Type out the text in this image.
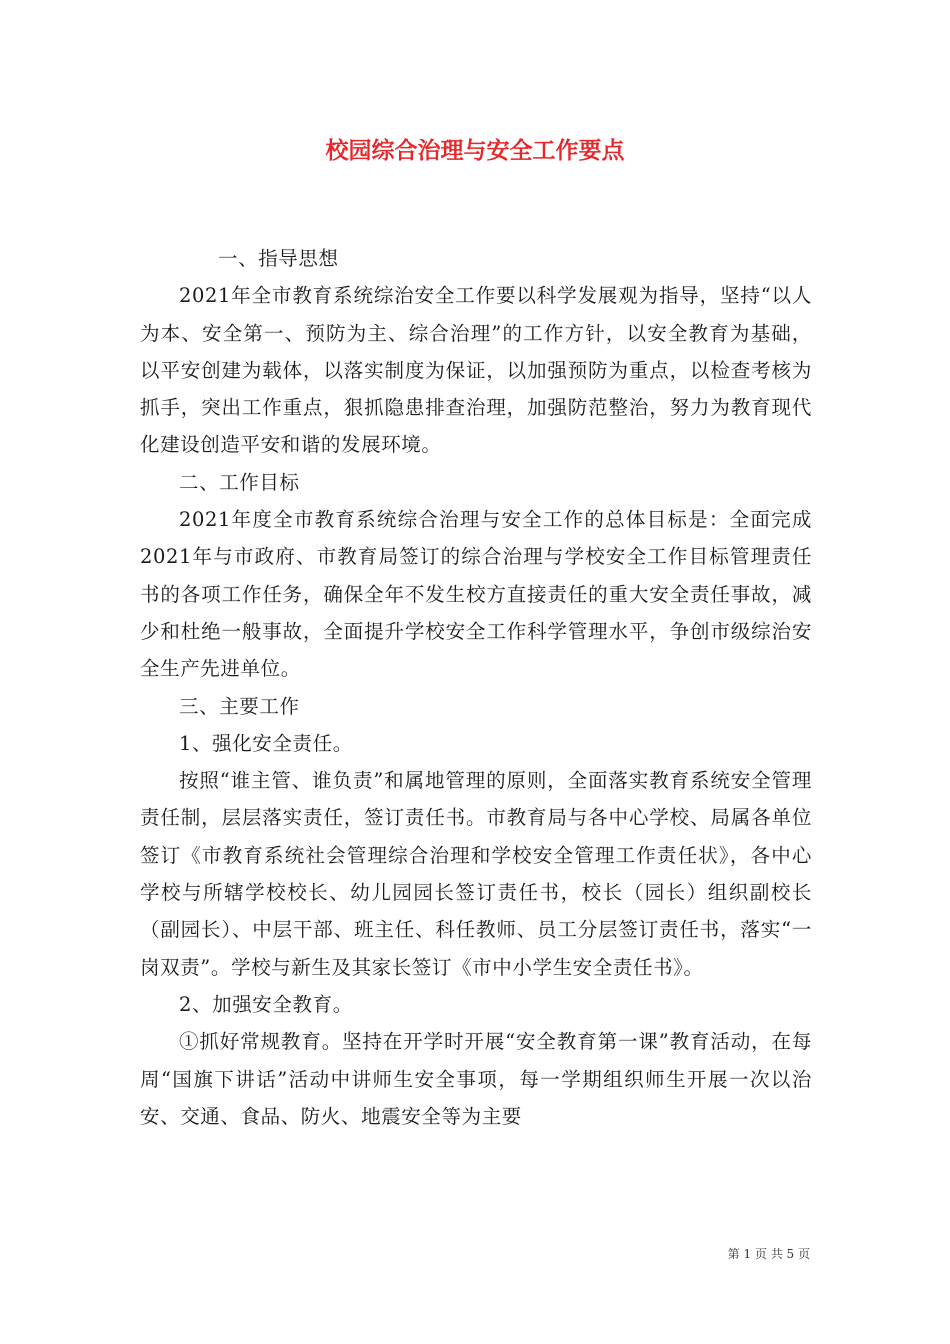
校园综合治理与安全工作要点

一、指导思想

2021年全市教育系统综治安全工作要以科学发展观为指导，坚持“以人为本、安全第一、预防为主、综合治理”的工作方针，以安全教育为基础，以平安创建为载体，以落实制度为保证，以加强预防为重点，以检查考核为抓手，突出工作重点，狠抓隐患排查治理，加强防范整治，努力为教育现代化建设创造平安和谐的发展环境。

二、工作目标

2021年度全市教育系统综合治理与安全工作的总体目标是：全面完成2021年与市政府、市教育局签订的综合治理与学校安全工作目标管理责任书的各项工作任务，确保全年不发生校方直接责任的重大安全责任事故，减少和杜绝一般事故，全面提升学校安全工作科学管理水平，争创市级综治安全生产先进单位。

三、主要工作

1、强化安全责任。

按照“谁主管、谁负责”和属地管理的原则，全面落实教育系统安全管理责任制，层层落实责任，签订责任书。市教育局与各中心学校、局属各单位签订《市教育系统社会管理综合治理和学校安全管理工作责任状》，各中心学校与所辖学校校长、幼儿园园长签订责任书，校长（园长）组织副校长（副园长）、中层干部、班主任、科任教师、员工分层签订责任书，落实“一岗双责”。学校与新生及其家长签订《市中小学生安全责任书》。

2、加强安全教育。

①抓好常规教育。坚持在开学时开展“安全教育第一课”教育活动，在每周“国旗下讲话”活动中讲师生安全事项，每一学期组织师生开展一次以治安、交通、食品、防火、地震安全等为主要

第 1 页 共 5 页
